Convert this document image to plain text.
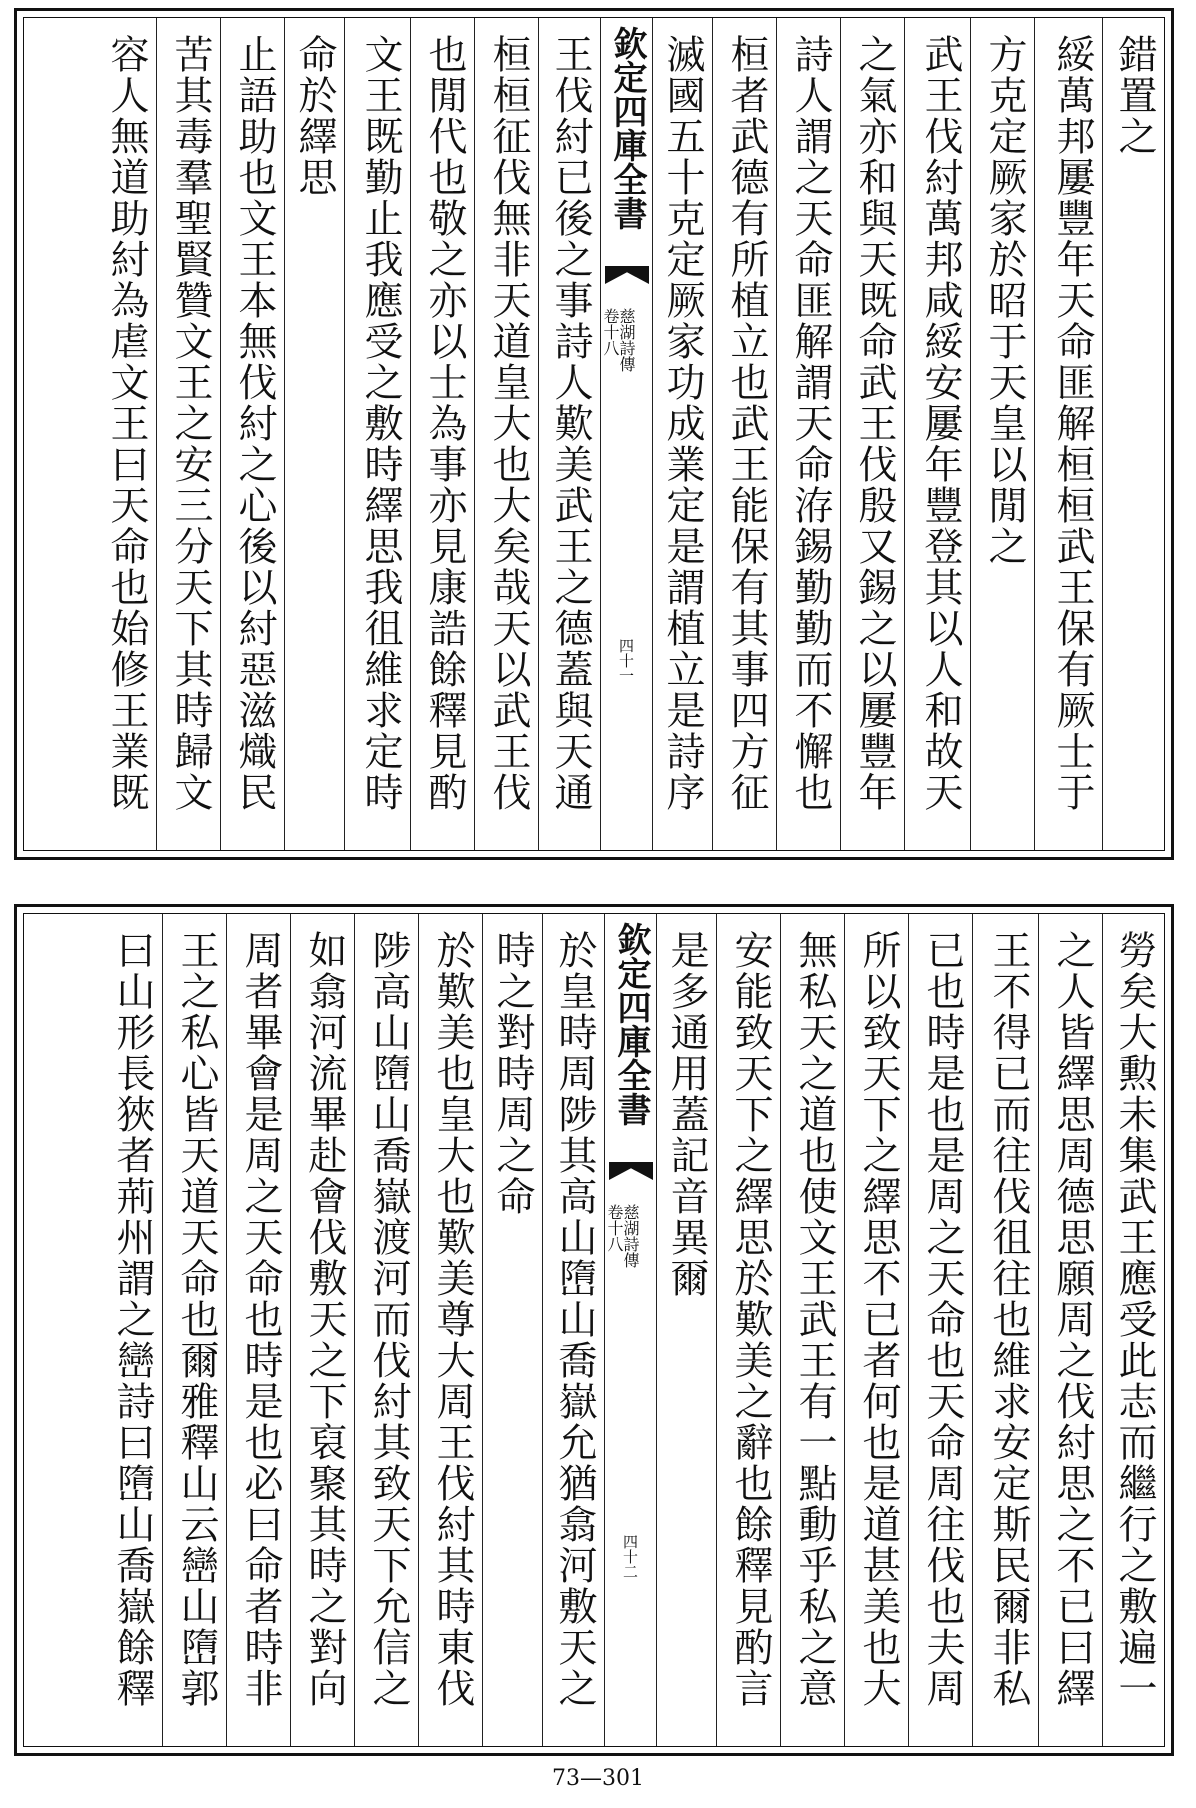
錯置之
綏萬邦屢豐年天命匪解桓桓武王保有厥士于
方克定厥家於昭于天皇以閒之
武王伐紂萬邦咸綏安屢年豐登其以人和故天
之氣亦和與天既命武王伐殷又錫之以屢豐年
詩人謂之天命匪解謂天命洊錫勤勤而不懈也
桓者武德有所植立也武王能保有其事四方征
滅國五十克定厥家功成業定是謂植立是詩序
欽定四庫全書
慈湖詩傳
卷十八
四十一
王伐紂已後之事詩人歎美武王之德蓋與天通
桓桓征伐無非天道皇大也大矣哉天以武王伐
也閒代也敬之亦以士為事亦見康誥餘釋見酌
文王既勤止我應受之敷時繹思我徂維求定時
命於繹思
止語助也文王本無伐紂之心後以紂惡滋熾民
苦其毒羣聖賢贊文王之安三分天下其時歸文
容人無道助紂為虐文王曰天命也始修王業既
勞矣大勲未集武王應受此志而繼行之敷遍一
之人皆繹思周德思願周之伐紂思之不已曰繹
王不得已而往伐徂往也維求安定斯民爾非私
已也時是也是周之天命也天命周往伐也夫周
所以致天下之繹思不已者何也是道甚美也大
無私天之道也使文王武王有一點動乎私之意
安能致天下之繹思於歎美之辭也餘釋見酌言
是多通用蓋記音異爾
欽定四庫全書
慈湖詩傳
卷十八
四十二
於皇時周陟其高山嶞山喬嶽允猶翕河敷天之
時之對時周之命
於歎美也皇大也歎美尊大周王伐紂其時東伐
陟高山嶞山喬嶽渡河而伐紂其致天下允信之
如翕河流畢赴會伐敷天之下裒聚其時之對向
周者畢會是周之天命也時是也必曰命者時非
王之私心皆天道天命也爾雅釋山云巒山嶞郭
曰山形長狹者荊州謂之巒詩曰嶞山喬嶽餘釋
73—301
